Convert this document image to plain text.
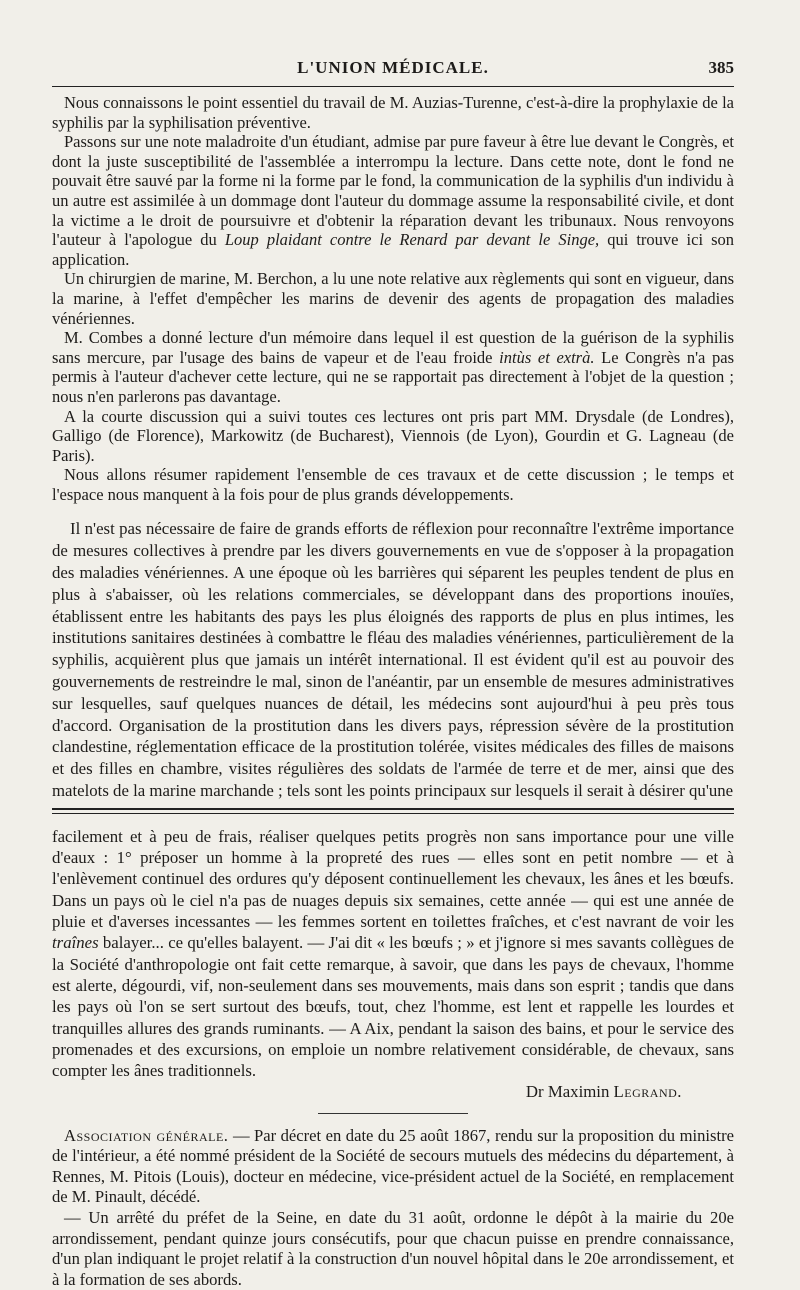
L'UNION MÉDICALE.	385

Nous connaissons le point essentiel du travail de M. Auzias-Turenne, c'est-à-dire la prophylaxie de la syphilis par la syphilisation préventive.

Passons sur une note maladroite d'un étudiant, admise par pure faveur à être lue devant le Congrès, et dont la juste susceptibilité de l'assemblée a interrompu la lecture. Dans cette note, dont le fond ne pouvait être sauvé par la forme ni la forme par le fond, la communication de la syphilis d'un individu à un autre est assimilée à un dommage dont l'auteur du dommage assume la responsabilité civile, et dont la victime a le droit de poursuivre et d'obtenir la réparation devant les tribunaux. Nous renvoyons l'auteur à l'apologue du Loup plaidant contre le Renard par devant le Singe, qui trouve ici son application.

Un chirurgien de marine, M. Berchon, a lu une note relative aux règlements qui sont en vigueur, dans la marine, à l'effet d'empêcher les marins de devenir des agents de propagation des maladies vénériennes.

M. Combes a donné lecture d'un mémoire dans lequel il est question de la guérison de la syphilis sans mercure, par l'usage des bains de vapeur et de l'eau froide intùs et extrà. Le Congrès n'a pas permis à l'auteur d'achever cette lecture, qui ne se rapportait pas directement à l'objet de la question ; nous n'en parlerons pas davantage.

A la courte discussion qui a suivi toutes ces lectures ont pris part MM. Drysdale (de Londres), Galligo (de Florence), Markowitz (de Bucharest), Viennois (de Lyon), Gourdin et G. Lagneau (de Paris).

Nous allons résumer rapidement l'ensemble de ces travaux et de cette discussion ; le temps et l'espace nous manquent à la fois pour de plus grands développements.

Il n'est pas nécessaire de faire de grands efforts de réflexion pour reconnaître l'extrême importance de mesures collectives à prendre par les divers gouvernements en vue de s'opposer à la propagation des maladies vénériennes. A une époque où les barrières qui séparent les peuples tendent de plus en plus à s'abaisser, où les relations commerciales, se développant dans des proportions inouïes, établissent entre les habitants des pays les plus éloignés des rapports de plus en plus intimes, les institutions sanitaires destinées à combattre le fléau des maladies vénériennes, particulièrement de la syphilis, acquièrent plus que jamais un intérêt international. Il est évident qu'il est au pouvoir des gouvernements de restreindre le mal, sinon de l'anéantir, par un ensemble de mesures administratives sur lesquelles, sauf quelques nuances de détail, les médecins sont aujourd'hui à peu près tous d'accord. Organisation de la prostitution dans les divers pays, répression sévère de la prostitution clandestine, réglementation efficace de la prostitution tolérée, visites médicales des filles de maisons et des filles en chambre, visites régulières des soldats de l'armée de terre et de mer, ainsi que des matelots de la marine marchande ; tels sont les points principaux sur lesquels il serait à désirer qu'une

facilement et à peu de frais, réaliser quelques petits progrès non sans importance pour une ville d'eaux : 1° préposer un homme à la propreté des rues — elles sont en petit nombre — et à l'enlèvement continuel des ordures qu'y déposent continuellement les chevaux, les ânes et les bœufs. Dans un pays où le ciel n'a pas de nuages depuis six semaines, cette année — qui est une année de pluie et d'averses incessantes — les femmes sortent en toilettes fraîches, et c'est navrant de voir les traînes balayer... ce qu'elles balayent. — J'ai dit « les bœufs ; » et j'ignore si mes savants collègues de la Société d'anthropologie ont fait cette remarque, à savoir, que dans les pays de chevaux, l'homme est alerte, dégourdi, vif, non-seulement dans ses mouvements, mais dans son esprit ; tandis que dans les pays où l'on se sert surtout des bœufs, tout, chez l'homme, est lent et rappelle les lourdes et tranquilles allures des grands ruminants. — A Aix, pendant la saison des bains, et pour le service des promenades et des excursions, on emploie un nombre relativement considérable, de chevaux, sans compter les ânes traditionnels.

Dr Maximin Legrand.

Association générale. — Par décret en date du 25 août 1867, rendu sur la proposition du ministre de l'intérieur, a été nommé président de la Société de secours mutuels des médecins du département, à Rennes, M. Pitois (Louis), docteur en médecine, vice-président actuel de la Société, en remplacement de M. Pinault, décédé.

— Un arrêté du préfet de la Seine, en date du 31 août, ordonne le dépôt à la mairie du 20e arrondissement, pendant quinze jours consécutifs, pour que chacun puisse en prendre connaissance, d'un plan indiquant le projet relatif à la construction d'un nouvel hôpital dans le 20e arrondissement, et à la formation de ses abords.
